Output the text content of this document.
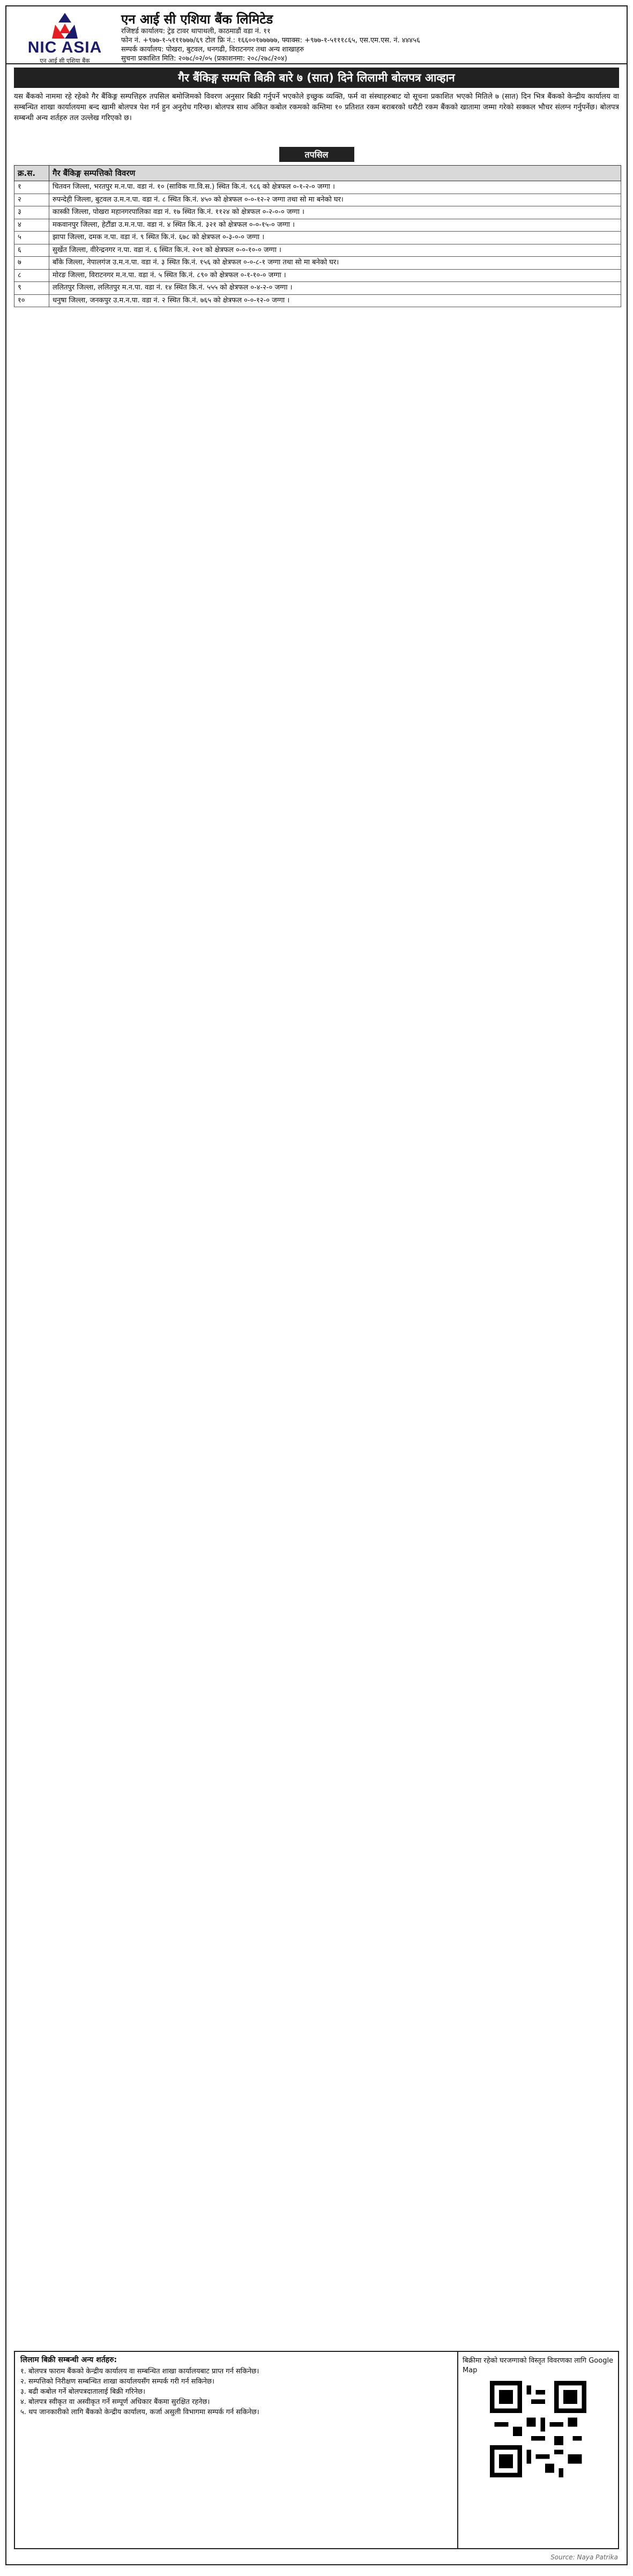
NIC ASIA
एन आई सी एशिया बैंक
एन आई सी एशिया बैंक लिमिटेड
रजिष्टर्ड कार्यालय: ट्रेड टावर थापाथली, काठमाडौं वडा नं. ११
फोन नं. +९७७-१-५१११७७७/६९ टोल फ्रि नं.: १६६००१७७७७७, फ्याक्स: +९७७-१-५१११८६५, एस.एम.एस. नं. ४४४५६
सम्पर्क कार्यालय: पोखरा, बुटवल, धनगढी, विराटनगर तथा अन्य शाखाहरु
सुचना प्रकाशित मिति: २०७८/०२/०५ (प्रकाशनमा: २०८/२७८/२०४)
गैर बैंकिङ्ग सम्पत्ति बिक्री बारे ७ (सात) दिने लिलामी बोलपत्र आव्हान
यस बैंकको नाममा रहे रहेको गैर बैंकिङ्ग सम्पत्तिहरु तपसिल बमोजिमको विवरण अनुसार बिक्री गर्नुपर्ने भएकोले इच्छुक व्यक्ति, फर्म वा संस्थाहरुबाट यो सूचना प्रकाशित भएको मितिले ७ (सात) दिन भित्र बैंकको केन्द्रीय कार्यालय वा सम्बन्धित शाखा कार्यालयमा बन्द खामी बोलपत्र पेश गर्न हुन अनुरोध गरिन्छ। बोलपत्र साथ अंकित कबोल रकमको कम्तिमा १० प्रतिशत रकम बराबरको धरौटी रकम बैंकको खातामा जम्मा गरेको सक्कल भौचर संलग्न गर्नुपर्नेछ। बोलपत्र सम्बन्धी अन्य शर्तहरु तल उल्लेख गरिएको छ।
तपसिल
क्र.स.	गैर बैंकिङ्ग सम्पत्तिको विवरण
१	चितवन जिल्ला, भरतपुर म.न.पा. वडा नं. १० (साविक गा.वि.स.) स्थित कि.नं. ९८६ को क्षेत्रफल ०-१-२-० जग्गा ।
२	रुपन्देही जिल्ला, बुटवल उ.म.न.पा. वडा नं. ८ स्थित कि.नं. ४५० को क्षेत्रफल ०-०-१२-२ जग्गा तथा सो मा बनेको घर।
३	कास्की जिल्ला, पोखरा महानगरपालिका वडा नं. १७ स्थित कि.नं. ११२४ को क्षेत्रफल ०-२-०-० जग्गा ।
४	मकवानपुर जिल्ला, हेटौंडा उ.म.न.पा. वडा नं. ४ स्थित कि.नं. ३२१ को क्षेत्रफल ०-०-१५-० जग्गा ।
५	झापा जिल्ला, दमक न.पा. वडा नं. ९ स्थित कि.नं. ६७८ को क्षेत्रफल ०-३-०-० जग्गा ।
६	सुर्खेत जिल्ला, वीरेन्द्रनगर न.पा. वडा नं. ६ स्थित कि.नं. २०१ को क्षेत्रफल ०-०-१०-० जग्गा ।
७	बाँके जिल्ला, नेपालगंज उ.म.न.पा. वडा नं. ३ स्थित कि.नं. १५६ को क्षेत्रफल ०-०-८-१ जग्गा तथा सो मा बनेको घर।
८	मोरङ जिल्ला, विराटनगर म.न.पा. वडा नं. ५ स्थित कि.नं. ८९० को क्षेत्रफल ०-१-१०-० जग्गा ।
९	ललितपुर जिल्ला, ललितपुर म.न.पा. वडा नं. १४ स्थित कि.नं. ५५५ को क्षेत्रफल ०-४-२-० जग्गा ।
१०	धनुषा जिल्ला, जनकपुर उ.म.न.पा. वडा नं. २ स्थित कि.नं. ७६५ को क्षेत्रफल ०-०-१२-० जग्गा ।
लिलाम बिक्री सम्बन्धी अन्य शर्तहरु:
१. बोलपत्र फाराम बैंकको केन्द्रीय कार्यालय वा सम्बन्धित शाखा कार्यालयबाट प्राप्त गर्न सकिनेछ।
२. सम्पत्तिको निरीक्षण सम्बन्धित शाखा कार्यालयसँग सम्पर्क गरी गर्न सकिनेछ।
३. बढी कबोल गर्ने बोलपत्रदातालाई बिक्री गरिनेछ।
४. बोलपत्र स्वीकृत वा अस्वीकृत गर्ने सम्पूर्ण अधिकार बैंकमा सुरक्षित रहनेछ।
५. थप जानकारीको लागि बैंकको केन्द्रीय कार्यालय, कर्जा असुली विभागमा सम्पर्क गर्न सकिनेछ।
बिक्रीमा रहेको घरजग्गाको विस्तृत विवरणका लागि Google Map
Source: Naya Patrika
